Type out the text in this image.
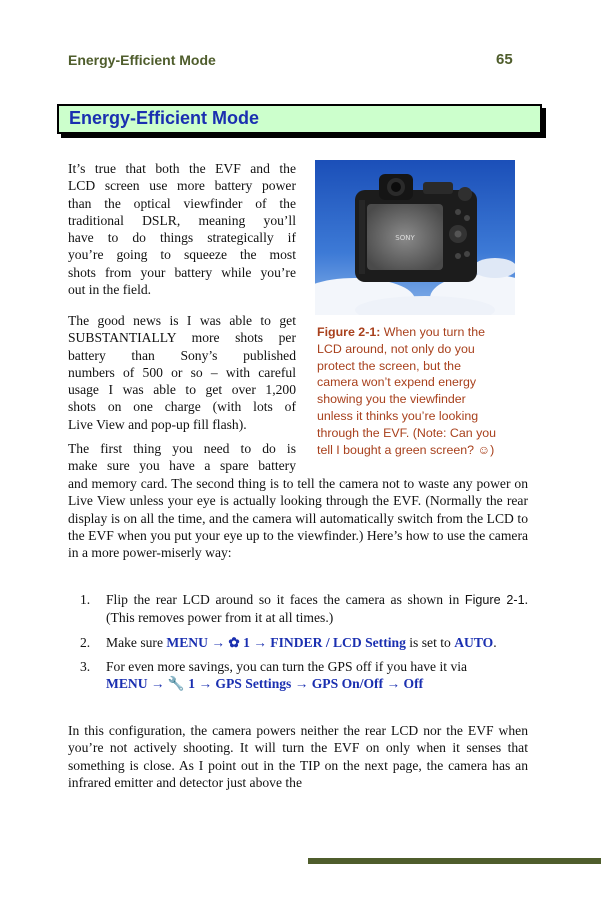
Energy-Efficient Mode	65
Energy-Efficient Mode
It’s true that both the EVF and the
LCD screen use more battery power
than the optical viewfinder of the
traditional DSLR, meaning you’ll
have to do things strategically if
you’re going to squeeze the most
shots from your battery while you’re
out in the field.
The good news is I was able to get
SUBSTANTIALLY more shots per
battery than Sony’s published
numbers of 500 or so – with careful
usage I was able to get over 1,200
shots on one charge (with lots of
Live View and pop-up fill flash).
The first thing you need to do is
make sure you have a spare battery

and memory card. The second thing is to tell the camera not to waste any power on Live View unless your eye is actually looking through the EVF. (Normally the rear display is on all the time, and the camera will automatically switch from the LCD to the EVF when you put your eye up to the viewfinder.) Here’s how to use the camera in a more power-miserly way:

SONY
Figure 2-1: When you turn the
LCD around, not only do you
protect the screen, but the
camera won’t expend energy
showing you the viewfinder
unless it thinks you’re looking
through the EVF. (Note: Can you
tell I bought a green screen? ☺)
1. Flip the rear LCD around so it faces the camera as shown in Figure 2-1. (This removes power from it at all times.)
2. Make sure MENU → ✿ 1 → FINDER / LCD Setting is set to AUTO.
3. For even more savings, you can turn the GPS off if you have it via
MENU → 🔧 1 → GPS Settings → GPS On/Off → Off

In this configuration, the camera powers neither the rear LCD nor the EVF when you’re not actively shooting. It will turn the EVF on only when it senses that something is close. As I point out in the TIP on the next page, the camera has an infrared emitter and detector just above the
